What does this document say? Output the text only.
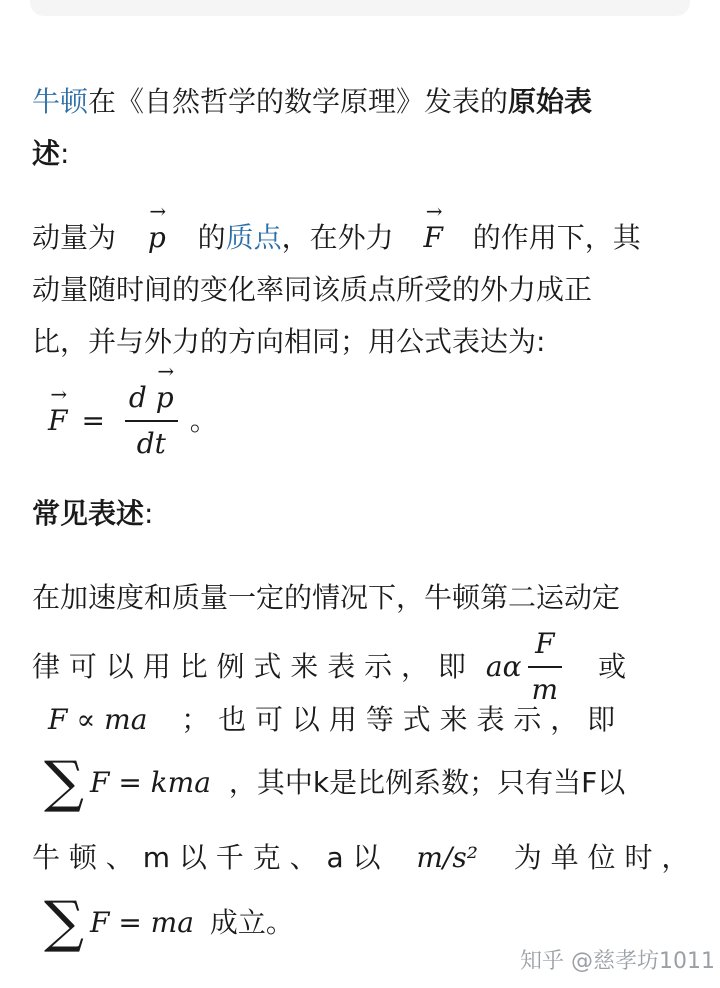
牛顿在《自然哲学的数学原理》发表的原始表
述:
动量为
→
p 的质点，在外力
→
F 的作用下，其
动量随时间的变化率同该质点所受的外力成正
比，并与外力的方向相同；用公式表达为:
→
F = d
→
p
dt 。
常见表述:
在加速度和质量一定的情况下，牛顿第二运动定
律 可 以 用 比 例 式 来 表 示 ， 即 aα $\frac{F}{m}$ 或
F ∝ ma ； 也 可 以 用 等 式 来 表 示 ， 即
∑ F = kma ，其中k是比例系数；只有当F以
牛 顿 、 m 以 千 克 、 a 以 m/s² 为 单 位 时 ，
∑ F = ma 成立。
知乎 @慈孝坊1011
